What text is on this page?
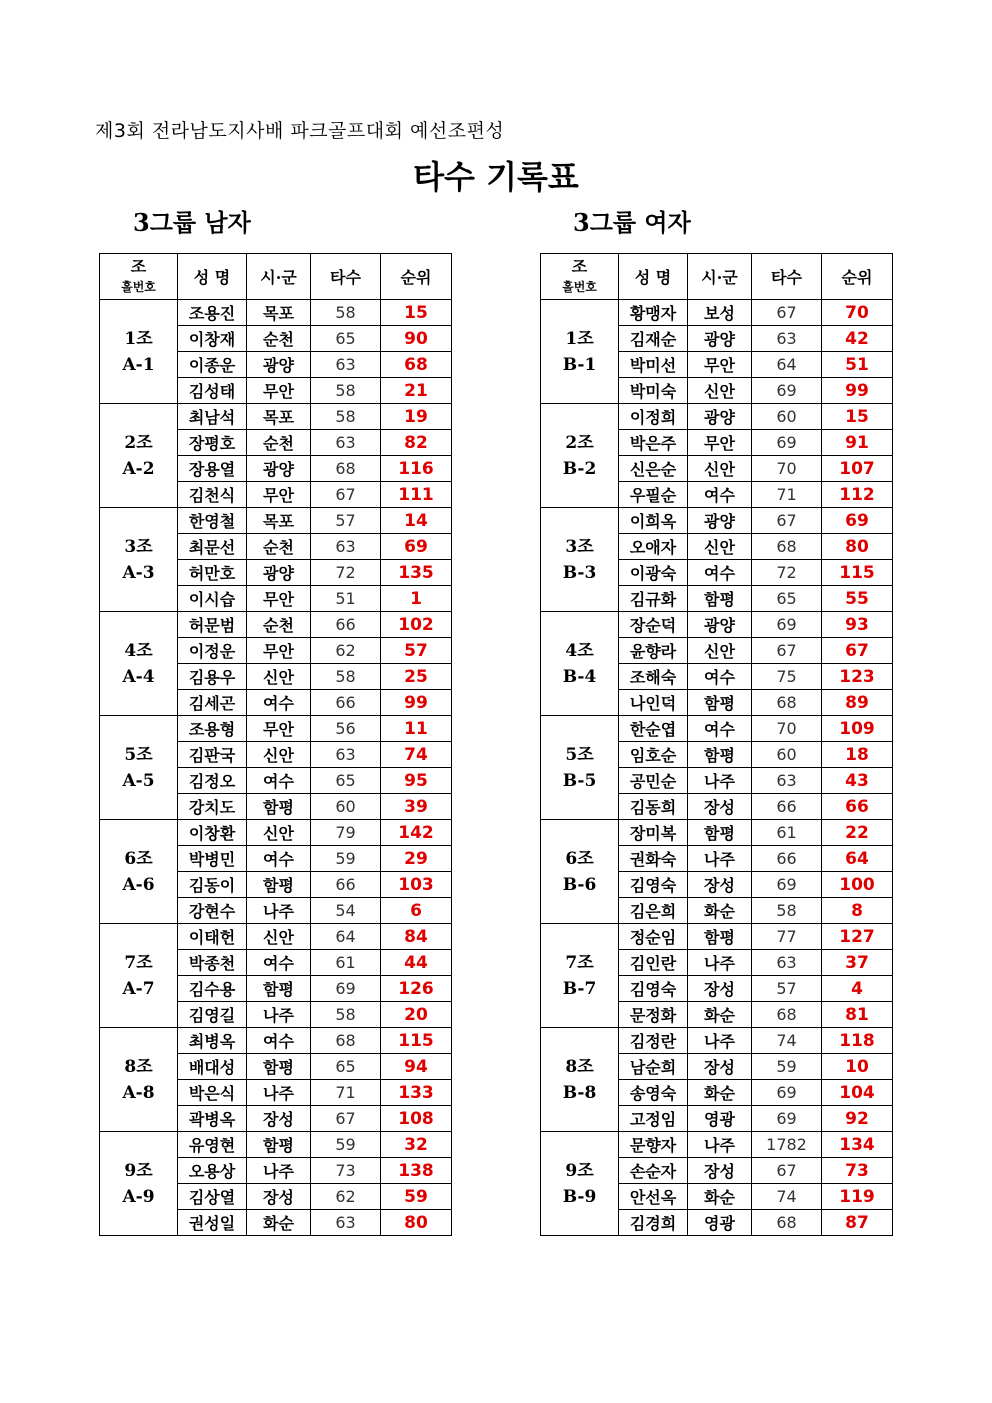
제3회 전라남도지사배 파크골프대회 예선조편성
타수 기록표
3그룹 남자	3그룹 여자
조
홀번호	성 명	시·군	타수	순위

1조
A-1	조용진	목포	58	15
	이창재	순천	65	90
	이종운	광양	63	68
	김성태	무안	58	21

2조
A-2	최남석	목포	58	19
	장평호	순천	63	82
	장용열	광양	68	116
	김천식	무안	67	111

3조
A-3	한영철	목포	57	14
	최문선	순천	63	69
	허만호	광양	72	135
	이시습	무안	51	1

4조
A-4	허문범	순천	66	102
	이정운	무안	62	57
	김용우	신안	58	25
	김세곤	여수	66	99

5조
A-5	조용형	무안	56	11
	김판국	신안	63	74
	김정오	여수	65	95
	강치도	함평	60	39

6조
A-6	이창환	신안	79	142
	박병민	여수	59	29
	김동이	함평	66	103
	강현수	나주	54	6

7조
A-7	이태헌	신안	64	84
	박종천	여수	61	44
	김수용	함평	69	126
	김영길	나주	58	20

8조
A-8	최병옥	여수	68	115
	배대성	함평	65	94
	박은식	나주	71	133
	곽병옥	장성	67	108

9조
A-9	유영현	함평	59	32
	오용상	나주	73	138
	김상열	장성	62	59
	권성일	화순	63	80
조
홀번호	성 명	시·군	타수	순위

1조
B-1	황맹자	보성	67	70
	김재순	광양	63	42
	박미선	무안	64	51
	박미숙	신안	69	99

2조
B-2	이정희	광양	60	15
	박은주	무안	69	91
	신은순	신안	70	107
	우필순	여수	71	112

3조
B-3	이희옥	광양	67	69
	오애자	신안	68	80
	이광숙	여수	72	115
	김규화	함평	65	55

4조
B-4	장순덕	광양	69	93
	윤향라	신안	67	67
	조해숙	여수	75	123
	나인덕	함평	68	89

5조
B-5	한순엽	여수	70	109
	임호순	함평	60	18
	공민순	나주	63	43
	김동희	장성	66	66

6조
B-6	장미복	함평	61	22
	권화숙	나주	66	64
	김영숙	장성	69	100
	김은희	화순	58	8

7조
B-7	정순임	함평	77	127
	김인란	나주	63	37
	김영숙	장성	57	4
	문정화	화순	68	81

8조
B-8	김정란	나주	74	118
	남순희	장성	59	10
	송영숙	화순	69	104
	고정임	영광	69	92

9조
B-9	문향자	나주	1782	134
	손순자	장성	67	73
	안선옥	화순	74	119
	김경희	영광	68	87
